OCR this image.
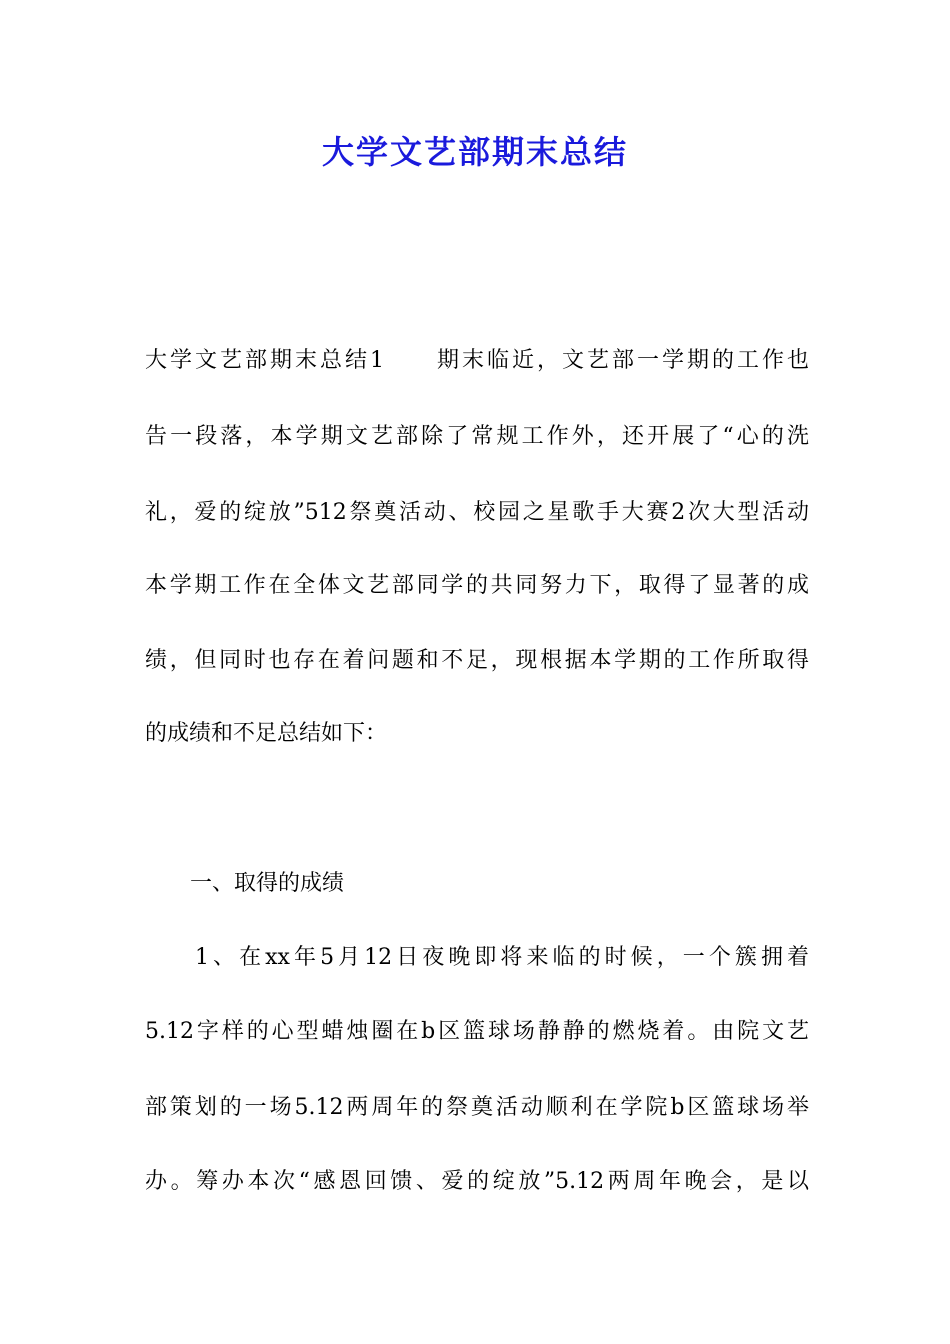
大学文艺部期末总结
大学文艺部期末总结1　　期末临近，文艺部一学期的工作也
告一段落，本学期文艺部除了常规工作外，还开展了“心的洗
礼，爱的绽放”512祭奠活动、校园之星歌手大赛2次大型活动
本学期工作在全体文艺部同学的共同努力下，取得了显著的成
绩，但同时也存在着问题和不足，现根据本学期的工作所取得
的成绩和不足总结如下：
一、取得的成绩
1、在xx年5月12日夜晚即将来临的时候，一个簇拥着
5.12字样的心型蜡烛圈在b区篮球场静静的燃烧着。由院文艺
部策划的一场5.12两周年的祭奠活动顺利在学院b区篮球场举
办。筹办本次“感恩回馈、爱的绽放”5.12两周年晚会，是以
